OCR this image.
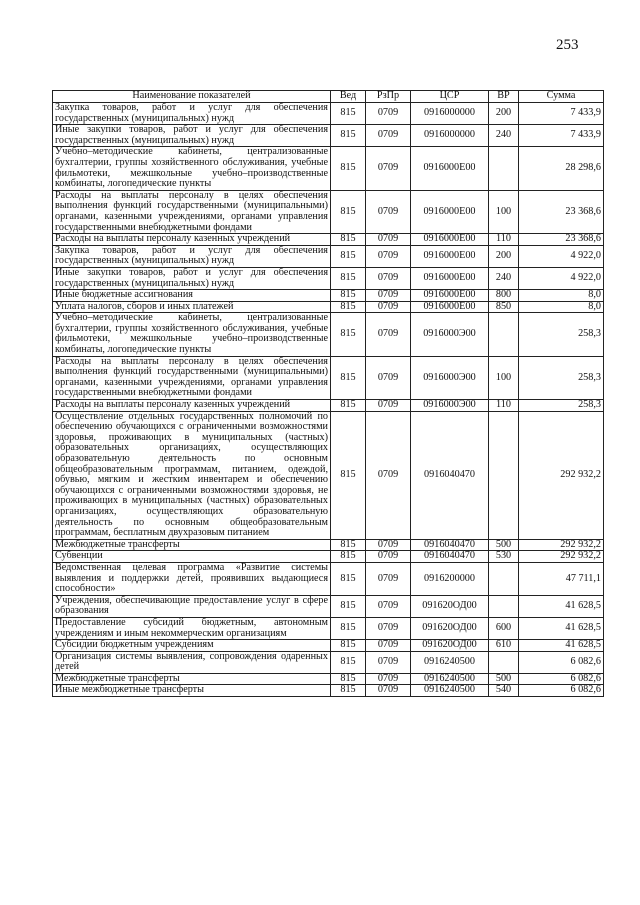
253
Наименование показателей	Вед	РзПр	ЦСР	ВР	Сумма
Закупка товаров, работ и услуг для обеспечения государственных (муниципальных) нужд	815	0709	0916000000	200	7 433,9
Иные закупки товаров, работ и услуг для обеспечения государственных (муниципальных) нужд	815	0709	0916000000	240	7 433,9
Учебно–методические кабинеты, централизованные бухгалтерии, группы хозяйственного обслуживания, учебные фильмотеки, межшкольные учебно–производственные комбинаты, логопедические пункты	815	0709	0916000Е00		28 298,6
Расходы на выплаты персоналу в целях обеспечения выполнения функций государственными (муниципальными) органами, казенными учреждениями, органами управления государственными внебюджетными фондами	815	0709	0916000Е00	100	23 368,6
Расходы на выплаты персоналу казенных учреждений	815	0709	0916000Е00	110	23 368,6
Закупка товаров, работ и услуг для обеспечения государственных (муниципальных) нужд	815	0709	0916000Е00	200	4 922,0
Иные закупки товаров, работ и услуг для обеспечения государственных (муниципальных) нужд	815	0709	0916000Е00	240	4 922,0
Иные бюджетные ассигнования	815	0709	0916000Е00	800	8,0
Уплата налогов, сборов и иных платежей	815	0709	0916000Е00	850	8,0
Учебно–методические кабинеты, централизованные бухгалтерии, группы хозяйственного обслуживания, учебные фильмотеки, межшкольные учебно–производственные комбинаты, логопедические пункты	815	0709	0916000Э00		258,3
Расходы на выплаты персоналу в целях обеспечения выполнения функций государственными (муниципальными) органами, казенными учреждениями, органами управления государственными внебюджетными фондами	815	0709	0916000Э00	100	258,3
Расходы на выплаты персоналу казенных учреждений	815	0709	0916000Э00	110	258,3
Осуществление отдельных государственных полномочий по обеспечению обучающихся с ограниченными возможностями здоровья, проживающих в муниципальных (частных) образовательных организациях, осуществляющих образовательную деятельность по основным общеобразовательным программам, питанием, одеждой, обувью, мягким и жестким инвентарем и обеспечению обучающихся с ограниченными возможностями здоровья, не проживающих в муниципальных (частных) образовательных организациях, осуществляющих образовательную деятельность по основным общеобразовательным программам, бесплатным двухразовым питанием	815	0709	0916040470		292 932,2
Межбюджетные трансферты	815	0709	0916040470	500	292 932,2
Субвенции	815	0709	0916040470	530	292 932,2
Ведомственная целевая программа «Развитие системы выявления и поддержки детей, проявивших выдающиеся способности»	815	0709	0916200000		47 711,1
Учреждения, обеспечивающие предоставление услуг в сфере образования	815	0709	091620ОД00		41 628,5
Предоставление субсидий бюджетным, автономным учреждениям и иным некоммерческим организациям	815	0709	091620ОД00	600	41 628,5
Субсидии бюджетным учреждениям	815	0709	091620ОД00	610	41 628,5
Организация системы выявления, сопровождения одаренных детей	815	0709	0916240500		6 082,6
Межбюджетные трансферты	815	0709	0916240500	500	6 082,6
Иные межбюджетные трансферты	815	0709	0916240500	540	6 082,6
